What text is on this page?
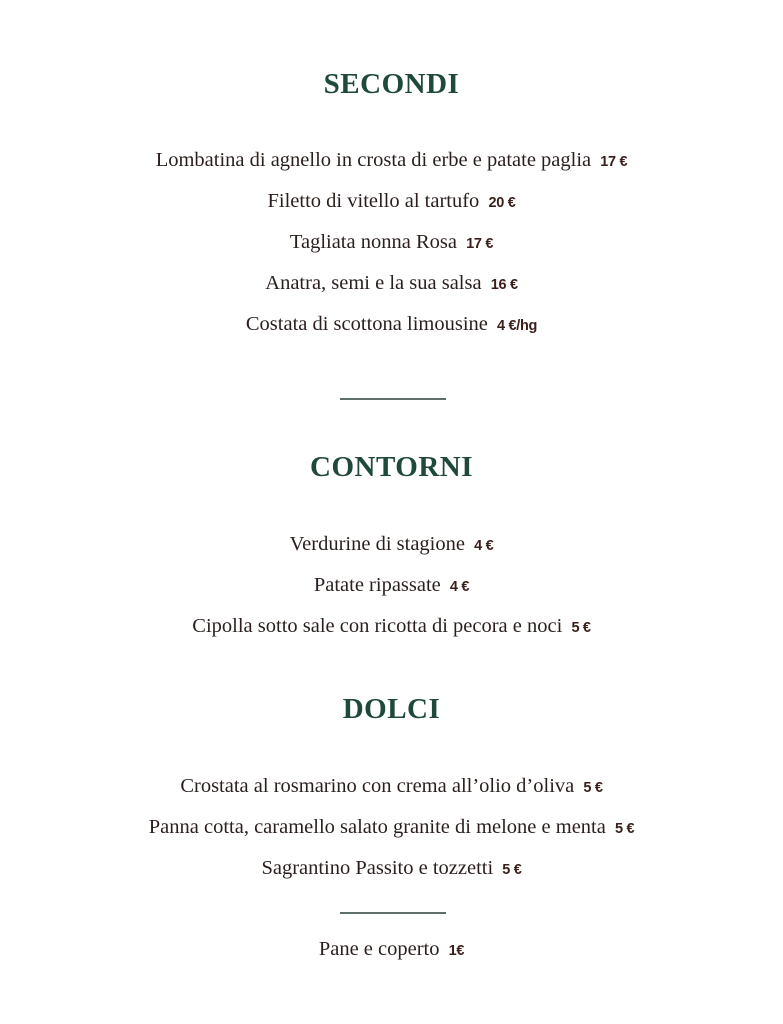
SECONDI
Lombatina di agnello in crosta di erbe e patate paglia 17 €
Filetto di vitello al tartufo 20 €
Tagliata nonna Rosa 17 €
Anatra, semi e la sua salsa 16 €
Costata di scottona limousine 4 €/hg
CONTORNI
Verdurine di stagione 4 €
Patate ripassate 4 €
Cipolla sotto sale con ricotta di pecora e noci 5 €
DOLCI
Crostata al rosmarino con crema all’olio d’oliva 5 €
Panna cotta, caramello salato granite di melone e menta 5 €
Sagrantino Passito e tozzetti 5 €
Pane e coperto 1€
